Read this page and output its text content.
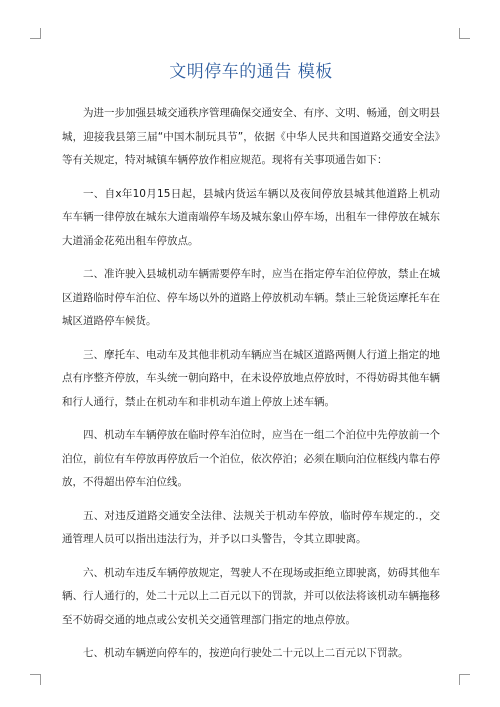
文明停车的通告 模板

为进一步加强县城交通秩序管理确保交通安全、有序、文明、畅通，创文明县城，迎接我县第三届“中国木制玩具节”，依据《中华人民共和国道路交通安全法》等有关规定，特对城镇车辆停放作相应规范。现将有关事项通告如下：

一、自x年10月15日起，县城内货运车辆以及夜间停放县城其他道路上机动车车辆一律停放在城东大道南端停车场及城东象山停车场，出租车一律停放在城东大道涌金花苑出租车停放点。

二、准许驶入县城机动车辆需要停车时，应当在指定停车泊位停放，禁止在城区道路临时停车泊位、停车场以外的道路上停放机动车辆。禁止三轮货运摩托车在城区道路停车候货。

三、摩托车、电动车及其他非机动车辆应当在城区道路两侧人行道上指定的地点有序整齐停放，车头统一朝向路中，在未设停放地点停放时，不得妨碍其他车辆和行人通行，禁止在机动车和非机动车道上停放上述车辆。

四、机动车车辆停放在临时停车泊位时，应当在一组二个泊位中先停放前一个泊位，前位有车停放再停放后一个泊位，依次停泊；必须在顺向泊位框线内靠右停放，不得超出停车泊位线。

五、对违反道路交通安全法律、法规关于机动车停放，临时停车规定的.，交通管理人员可以指出违法行为，并予以口头警告，令其立即驶离。

六、机动车违反车辆停放规定，驾驶人不在现场或拒绝立即驶离，妨碍其他车辆、行人通行的，处二十元以上二百元以下的罚款，并可以依法将该机动车辆拖移至不妨碍交通的地点或公安机关交通管理部门指定的地点停放。

七、机动车辆逆向停车的，按逆向行驶处二十元以上二百元以下罚款。
